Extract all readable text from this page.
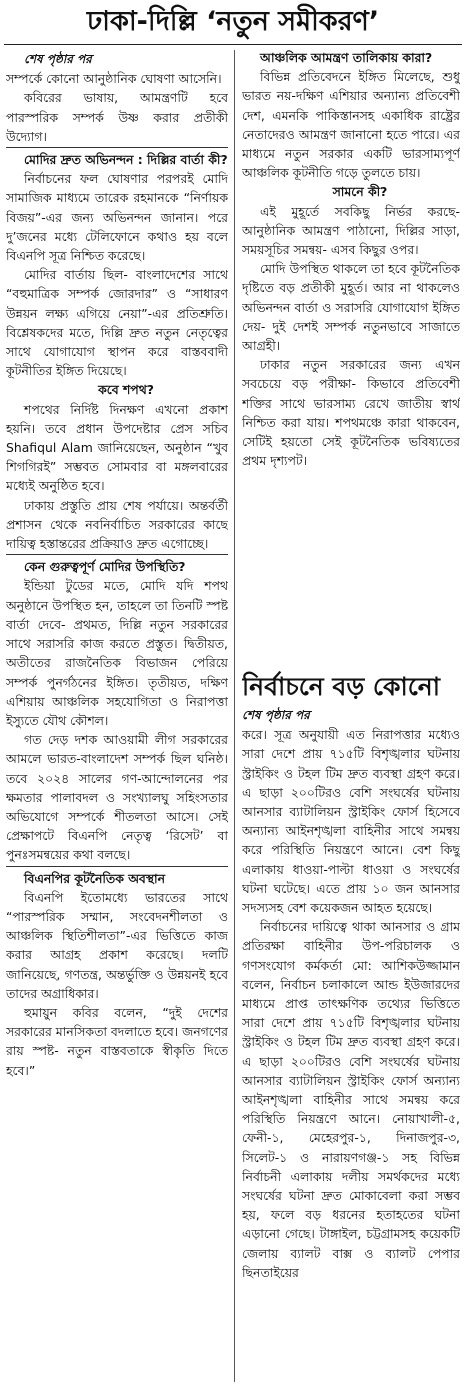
ঢাকা-দিল্লি ‘নতুন সমীকরণ’

শেষ পৃষ্ঠার পর

সম্পর্কে কোনো আনুষ্ঠানিক ঘোষণা আসেনি।

কবিরের ভাষায়, আমন্ত্রণটি হবে পারস্পরিক সম্পর্ক উষ্ণ করার প্রতীকী উদ্যোগ।

মোদির দ্রুত অভিনন্দন : দিল্লির বার্তা কী?

নির্বাচনের ফল ঘোষণার পরপরই মোদি সামাজিক মাধ্যমে তারেক রহমানকে “নির্ণায়ক বিজয়”-এর জন্য অভিনন্দন জানান। পরে দু’জনের মধ্যে টেলিফোনে কথাও হয় বলে বিএনপি সূত্র নিশ্চিত করেছে।

মোদির বার্তায় ছিল- বাংলাদেশের সাথে “বহুমাত্রিক সম্পর্ক জোরদার” ও “সাধারণ উন্নয়ন লক্ষ্য এগিয়ে নেয়া”-এর প্রতিশ্রুতি। বিশ্লেষকদের মতে, দিল্লি দ্রুত নতুন নেতৃত্বের সাথে যোগাযোগ স্থাপন করে বাস্তববাদী কূটনীতির ইঙ্গিত দিয়েছে।

কবে শপথ?

শপথের নির্দিষ্ট দিনক্ষণ এখনো প্রকাশ হয়নি। তবে প্রধান উপদেষ্টার প্রেস সচিব Shafiqul Alam জানিয়েছেন, অনুষ্ঠান “খুব শিগগিরই” সম্ভবত সোমবার বা মঙ্গলবারের মধ্যেই অনুষ্ঠিত হবে।

ঢাকায় প্রস্তুতি প্রায় শেষ পর্যায়ে। অন্তর্বর্তী প্রশাসন থেকে নবনির্বাচিত সরকারের কাছে দায়িত্ব হস্তান্তরের প্রক্রিয়াও দ্রুত এগোচ্ছে।

কেন গুরুত্বপূর্ণ মোদির উপস্থিতি?

ইন্ডিয়া টুডের মতে, মোদি যদি শপথ অনুষ্ঠানে উপস্থিত হন, তাহলে তা তিনটি স্পষ্ট বার্তা দেবে- প্রথমত, দিল্লি নতুন সরকারের সাথে সরাসরি কাজ করতে প্রস্তুত। দ্বিতীয়ত, অতীতের রাজনৈতিক বিভাজন পেরিয়ে সম্পর্ক পুনর্গঠনের ইঙ্গিত। তৃতীয়ত, দক্ষিণ এশিয়ায় আঞ্চলিক সহযোগিতা ও নিরাপত্তা ইস্যুতে যৌথ কৌশল।

গত দেড় দশক আওয়ামী লীগ সরকারের আমলে ভারত-বাংলাদেশ সম্পর্ক ছিল ঘনিষ্ঠ। তবে ২০২৪ সালের গণ-আন্দোলনের পর ক্ষমতার পালাবদল ও সংখ্যালঘু সহিংসতার অভিযোগে সম্পর্কে শীতলতা আসে। সেই প্রেক্ষাপটে বিএনপি নেতৃত্ব ‘রিসেট’ বা পুনঃসমন্বয়ের কথা বলছে।

বিএনপির কূটনৈতিক অবস্থান

বিএনপি ইতোমধ্যে ভারতের সাথে “পারস্পরিক সম্মান, সংবেদনশীলতা ও আঞ্চলিক স্থিতিশীলতা”-এর ভিত্তিতে কাজ করার আগ্রহ প্রকাশ করেছে। দলটি জানিয়েছে, গণতন্ত্র, অন্তর্ভুক্তি ও উন্নয়নই হবে তাদের অগ্রাধিকার।

হুমায়ুন কবির বলেন, “দুই দেশের সরকারের মানসিকতা বদলাতে হবে। জনগণের রায় স্পষ্ট- নতুন বাস্তবতাকে স্বীকৃতি দিতে হবে।”

আঞ্চলিক আমন্ত্রণ তালিকায় কারা?

বিভিন্ন প্রতিবেদনে ইঙ্গিত মিলেছে, শুধু ভারত নয়-দক্ষিণ এশিয়ার অন্যান্য প্রতিবেশী দেশ, এমনকি পাকিস্তানসহ একাধিক রাষ্ট্রের নেতাদেরও আমন্ত্রণ জানানো হতে পারে। এর মাধ্যমে নতুন সরকার একটি ভারসাম্যপূর্ণ আঞ্চলিক কূটনীতি গড়ে তুলতে চায়।

সামনে কী?

এই মুহূর্তে সবকিছু নির্ভর করছে- আনুষ্ঠানিক আমন্ত্রণ পাঠানো, দিল্লির সাড়া, সময়সূচির সমন্বয়- এসব কিছুর ওপর।

মোদি উপস্থিত থাকলে তা হবে কূটনৈতিক দৃষ্টিতে বড় প্রতীকী মুহূর্ত। আর না থাকলেও অভিনন্দন বার্তা ও সরাসরি যোগাযোগ ইঙ্গিত দেয়- দুই দেশই সম্পর্ক নতুনভাবে সাজাতে আগ্রহী।

ঢাকার নতুন সরকারের জন্য এখন সবচেয়ে বড় পরীক্ষা- কিভাবে প্রতিবেশী শক্তির সাথে ভারসাম্য রেখে জাতীয় স্বার্থ নিশ্চিত করা যায়। শপথমঞ্চে কারা থাকবেন, সেটিই হয়তো সেই কূটনৈতিক ভবিষ্যতের প্রথম দৃশ্যপট।

নির্বাচনে বড় কোনো

শেষ পৃষ্ঠার পর

করে। সূত্র অনুযায়ী এত নিরাপত্তার মধ্যেও সারা দেশে প্রায় ৭১৫টি বিশৃঙ্খলার ঘটনায় স্ট্রাইকিং ও টহল টিম দ্রুত ব্যবস্থা গ্রহণ করে। এ ছাড়া ২০০টিরও বেশি সংঘর্ষের ঘটনায় আনসার ব্যাটালিয়ন স্ট্রাইকিং ফোর্স হিসেবে অন্যান্য আইনশৃঙ্খলা বাহিনীর সাথে সমন্বয় করে পরিস্থিতি নিয়ন্ত্রণে আনে। বেশ কিছু এলাকায় ধাওয়া-পাল্টা ধাওয়া ও সংঘর্ষের ঘটনা ঘটেছে। এতে প্রায় ১০ জন আনসার সদস্যসহ বেশ কয়েকজন আহত হয়েছে।

নির্বাচনের দায়িত্বে থাকা আনসার ও গ্রাম প্রতিরক্ষা বাহিনীর উপ-পরিচালক ও গণসংযোগ কর্মকর্তা মো: আশিকউজ্জামান বলেন, নির্বাচন চলাকালে আন্ড ইউজারদের মাধ্যমে প্রাপ্ত তাৎক্ষণিক তথ্যের ভিত্তিতে সারা দেশে প্রায় ৭১৫টি বিশৃঙ্খলার ঘটনায় স্ট্রাইকিং ও টহল টিম দ্রুত ব্যবস্থা গ্রহণ করে। এ ছাড়া ২০০টিরও বেশি সংঘর্ষের ঘটনায় আনসার ব্যাটালিয়ন স্ট্রাইকিং ফোর্স অন্যান্য আইনশৃঙ্খলা বাহিনীর সাথে সমন্বয় করে পরিস্থিতি নিয়ন্ত্রণে আনে। নোয়াখালী-৫, ফেনী-১, মেহেরপুর-১, দিনাজপুর-৩, সিলেট-১ ও নারায়ণগঞ্জ-১ সহ বিভিন্ন নির্বাচনী এলাকায় দলীয় সমর্থকদের মধ্যে সংঘর্ষের ঘটনা দ্রুত মোকাবেলা করা সম্ভব হয়, ফলে বড় ধরনের হতাহতের ঘটনা এড়ানো গেছে। টাঙ্গাইল, চট্টগ্রামসহ কয়েকটি জেলায় ব্যালট বাক্স ও ব্যালট পেপার ছিনতাইয়ের
